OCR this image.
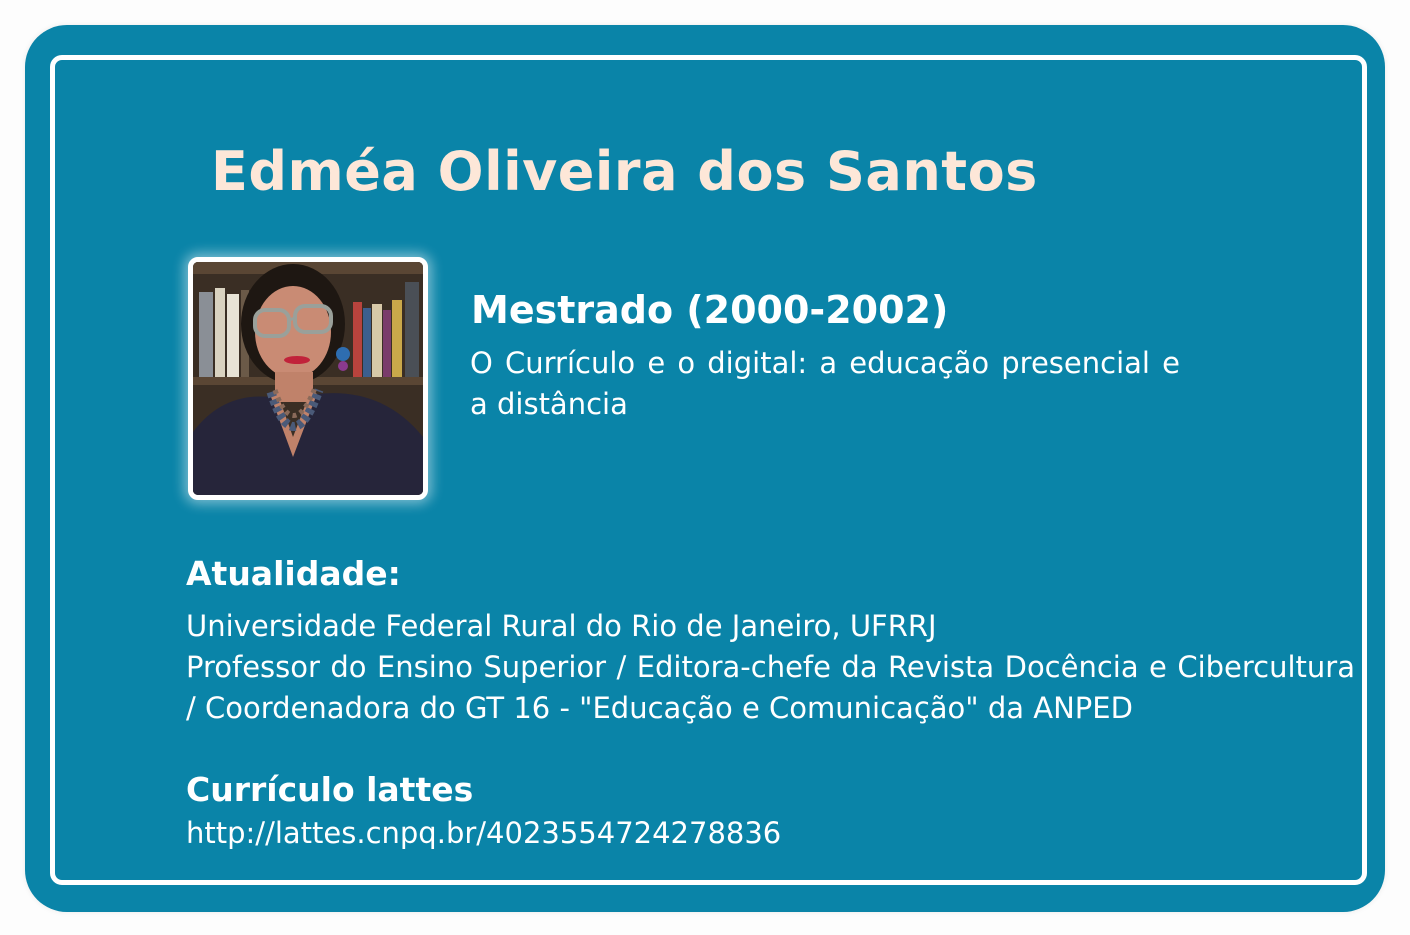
Edméa Oliveira dos Santos
Mestrado (2000-2002)

O Currículo e o digital: a educação presencial e a distância

Atualidade:

Universidade Federal Rural do Rio de Janeiro, UFRRJ

Professor do Ensino Superior / Editora-chefe da Revista Docência e Cibercultura / Coordenadora do GT 16 - "Educação e Comunicação" da ANPED

Currículo lattes
http://lattes.cnpq.br/4023554724278836
